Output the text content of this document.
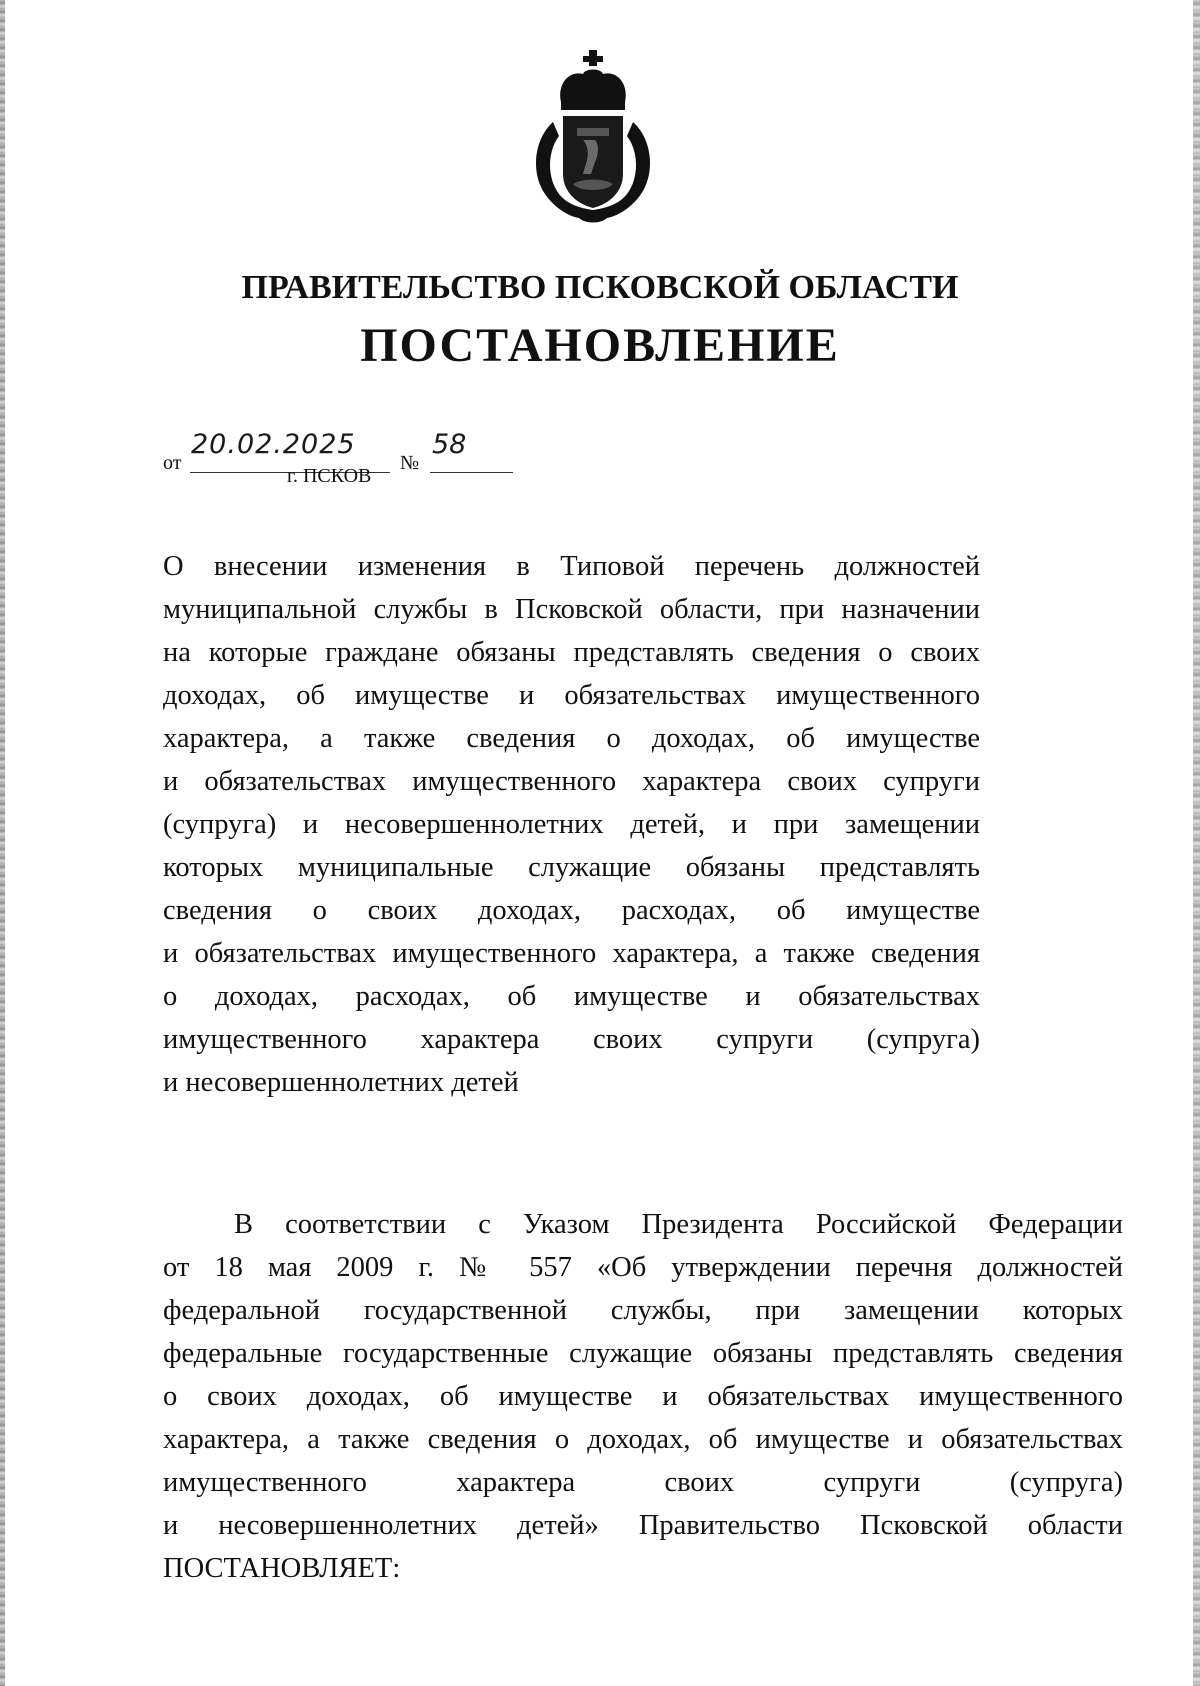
ПРАВИТЕЛЬСТВО ПСКОВСКОЙ ОБЛАСТИ
ПОСТАНОВЛЕНИЕ
от
20.02.2025
№
58
г. ПСКОВ
О внесении изменения в Типовой перечень должностей
муниципальной службы в Псковской области, при назначении
на которые граждане обязаны представлять сведения о своих
доходах, об имуществе и обязательствах имущественного
характера, а также сведения о доходах, об имуществе
и обязательствах имущественного характера своих супруги
(супруга) и несовершеннолетних детей, и при замещении
которых муниципальные служащие обязаны представлять
сведения о своих доходах, расходах, об имуществе
и обязательствах имущественного характера, а также сведения
о доходах, расходах, об имуществе и обязательствах
имущественного характера своих супруги (супруга)
и несовершеннолетних детей
В соответствии с Указом Президента Российской Федерации
от 18 мая 2009 г. № 557 «Об утверждении перечня должностей
федеральной государственной службы, при замещении которых
федеральные государственные служащие обязаны представлять сведения
о своих доходах, об имуществе и обязательствах имущественного
характера, а также сведения о доходах, об имуществе и обязательствах
имущественного характера своих супруги (супруга)
и несовершеннолетних детей» Правительство Псковской области
ПОСТАНОВЛЯЕТ:
